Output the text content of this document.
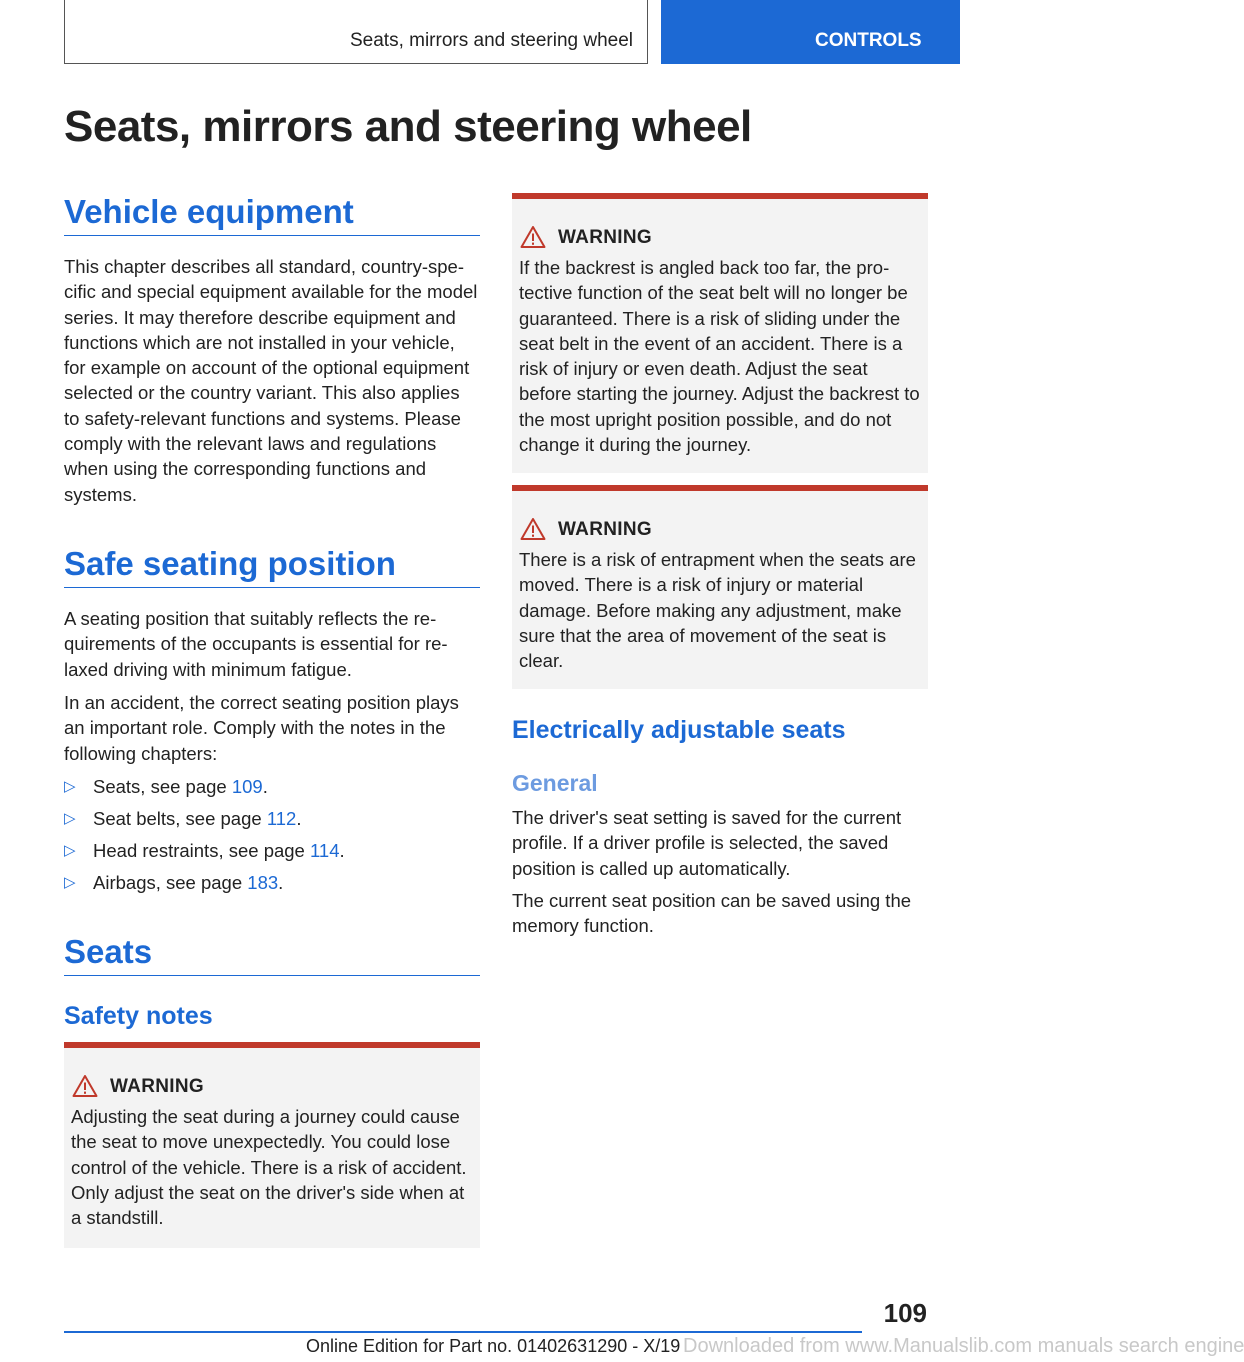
Seats, mirrors and steering wheel	CONTROLS
Seats, mirrors and steering wheel
Vehicle equipment

This chapter describes all standard, country-specific and special equipment available for the model series. It may therefore describe equipment and functions which are not installed in your vehicle, for example on account of the optional equipment selected or the country variant. This also applies to safety-relevant functions and systems. Please comply with the relevant laws and regulations when using the corresponding functions and systems.

Safe seating position

A seating position that suitably reflects the requirements of the occupants is essential for relaxed driving with minimum fatigue.

In an accident, the correct seating position plays an important role. Comply with the notes in the following chapters:

▷ Seats, see page 109.
▷ Seat belts, see page 112.
▷ Head restraints, see page 114.
▷ Airbags, see page 183.
Seats
Safety notes
WARNING

Adjusting the seat during a journey could cause the seat to move unexpectedly. You could lose control of the vehicle. There is a risk of accident. Only adjust the seat on the driver's side when at a standstill.

WARNING

If the backrest is angled back too far, the protective function of the seat belt will no longer be guaranteed. There is a risk of sliding under the seat belt in the event of an accident. There is a risk of injury or even death. Adjust the seat before starting the journey. Adjust the backrest to the most upright position possible, and do not change it during the journey.

WARNING

There is a risk of entrapment when the seats are moved. There is a risk of injury or material damage. Before making any adjustment, make sure that the area of movement of the seat is clear.

Electrically adjustable seats
General

The driver's seat setting is saved for the current profile. If a driver profile is selected, the saved position is called up automatically.

The current seat position can be saved using the memory function.

109
Online Edition for Part no. 01402631290 - X/19 Downloaded from www.Manualslib.com manuals search engine
